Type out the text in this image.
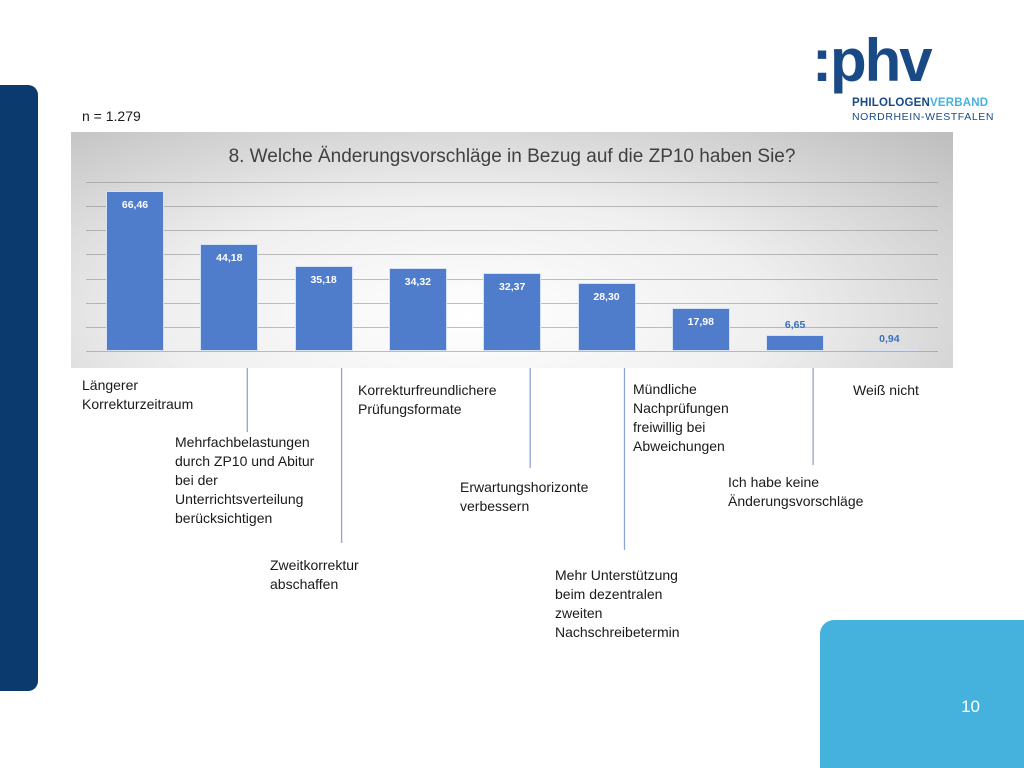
:phv
PHILOLOGENVERBAND
NORDRHEIN-WESTFALEN
n = 1.279
8. Welche Änderungsvorschläge in Bezug auf die ZP10 haben Sie?
66,46
44,18
35,18	34,32	32,37
28,30
17,98	6,65
0,94
Längerer
Korrekturzeitraum
Mehrfachbelastungen
durch ZP10 und Abitur
bei der
Unterrichtsverteilung
berücksichtigen
Zweitkorrektur
abschaffen
Korrekturfreundlichere
Prüfungsformate
Erwartungshorizonte
verbessern
Mehr Unterstützung
beim dezentralen
zweiten
Nachschreibetermin
Mündliche
Nachprüfungen
freiwillig bei
Abweichungen
Ich habe keine
Änderungsvorschläge
Weiß nicht
10
